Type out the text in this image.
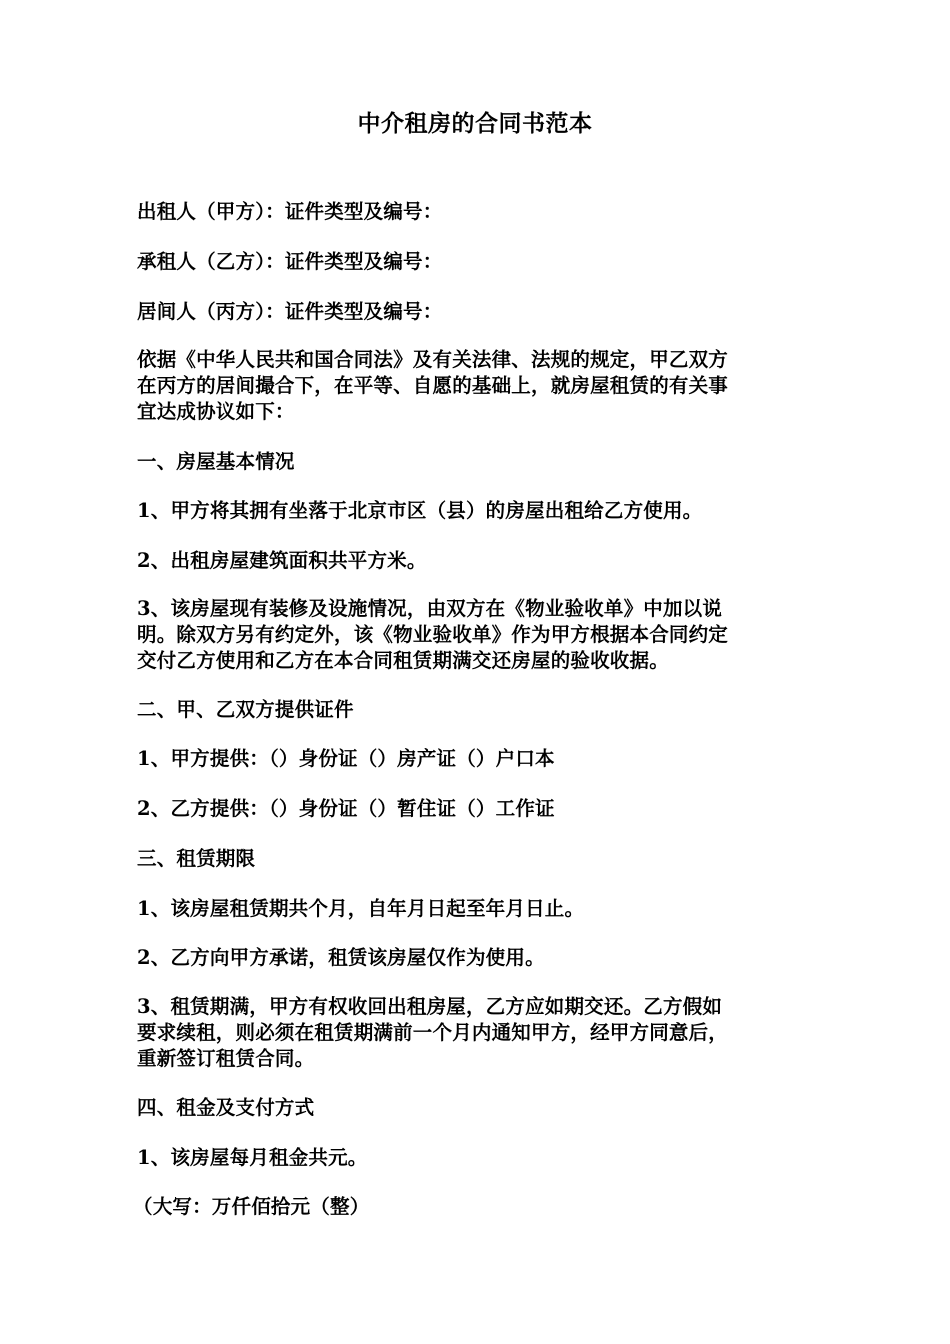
中介租房的合同书范本
出租人（甲方）：证件类型及编号：
承租人（乙方）：证件类型及编号：
居间人（丙方）：证件类型及编号：
依据《中华人民共和国合同法》及有关法律、法规的规定，甲乙双方
在丙方的居间撮合下，在平等、自愿的基础上，就房屋租赁的有关事
宜达成协议如下：
一、房屋基本情况
1、甲方将其拥有坐落于北京市区（县）的房屋出租给乙方使用。
2、出租房屋建筑面积共平方米。
3、该房屋现有装修及设施情况，由双方在《物业验收单》中加以说
明。除双方另有约定外，该《物业验收单》作为甲方根据本合同约定
交付乙方使用和乙方在本合同租赁期满交还房屋的验收收据。
二、甲、乙双方提供证件
1、甲方提供：（）身份证（）房产证（）户口本
2、乙方提供：（）身份证（）暂住证（）工作证
三、租赁期限
1、该房屋租赁期共个月，自年月日起至年月日止。
2、乙方向甲方承诺，租赁该房屋仅作为使用。
3、租赁期满，甲方有权收回出租房屋，乙方应如期交还。乙方假如
要求续租，则必须在租赁期满前一个月内通知甲方，经甲方同意后，
重新签订租赁合同。
四、租金及支付方式
1、该房屋每月租金共元。
（大写：万仟佰拾元（整）
